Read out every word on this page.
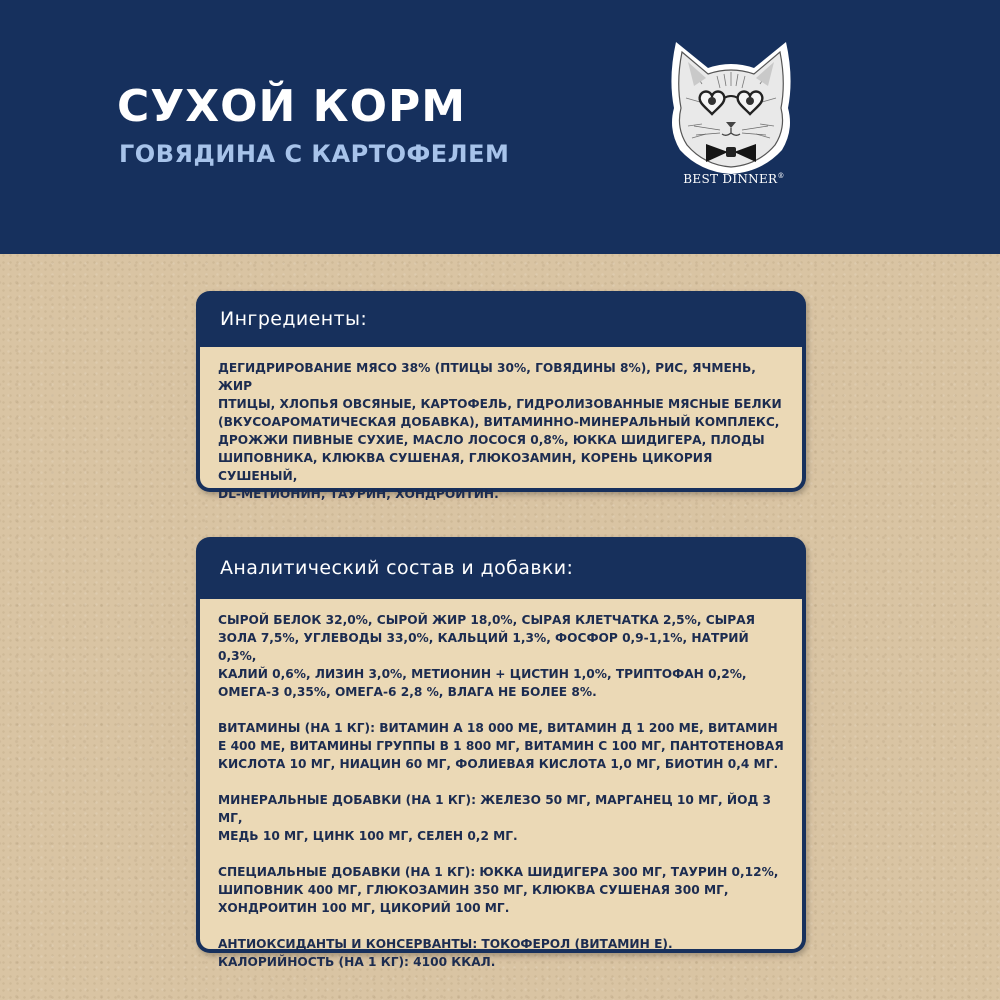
СУХОЙ КОРМ
ГОВЯДИНА С КАРТОФЕЛЕМ
BEST DINNER®
Ингредиенты:

ДЕГИДРИРОВАНИЕ МЯСО 38% (ПТИЦЫ 30%, ГОВЯДИНЫ 8%), РИС, ЯЧМЕНЬ, ЖИР
ПТИЦЫ, ХЛОПЬЯ ОВСЯНЫЕ, КАРТОФЕЛЬ, ГИДРОЛИЗОВАННЫЕ МЯСНЫЕ БЕЛКИ
(ВКУСОАРОМАТИЧЕСКАЯ ДОБАВКА), ВИТАМИННО-МИНЕРАЛЬНЫЙ КОМПЛЕКС,
ДРОЖЖИ ПИВНЫЕ СУХИЕ, МАСЛО ЛОСОСЯ 0,8%, ЮККА ШИДИГЕРА, ПЛОДЫ
ШИПОВНИКА, КЛЮКВА СУШЕНАЯ, ГЛЮКОЗАМИН, КОРЕНЬ ЦИКОРИЯ СУШЕНЫЙ,
DL-МЕТИОНИН, ТАУРИН, ХОНДРОИТИН.

Аналитический состав и добавки:

СЫРОЙ БЕЛОК 32,0%, СЫРОЙ ЖИР 18,0%, СЫРАЯ КЛЕТЧАТКА 2,5%, СЫРАЯ
ЗОЛА 7,5%, УГЛЕВОДЫ 33,0%, КАЛЬЦИЙ 1,3%, ФОСФОР 0,9-1,1%, НАТРИЙ 0,3%,
КАЛИЙ 0,6%, ЛИЗИН 3,0%, МЕТИОНИН + ЦИСТИН 1,0%, ТРИПТОФАН 0,2%,
ОМЕГА-3 0,35%, ОМЕГА-6 2,8 %, ВЛАГА НЕ БОЛЕЕ 8%.

ВИТАМИНЫ (НА 1 КГ): ВИТАМИН А 18 000 МЕ, ВИТАМИН Д 1 200 МЕ, ВИТАМИН
Е 400 МЕ, ВИТАМИНЫ ГРУППЫ В 1 800 МГ, ВИТАМИН С 100 МГ, ПАНТОТЕНОВАЯ
КИСЛОТА 10 МГ, НИАЦИН 60 МГ, ФОЛИЕВАЯ КИСЛОТА 1,0 МГ, БИОТИН 0,4 МГ.

МИНЕРАЛЬНЫЕ ДОБАВКИ (НА 1 КГ): ЖЕЛЕЗО 50 МГ, МАРГАНЕЦ 10 МГ, ЙОД 3 МГ,
МЕДЬ 10 МГ, ЦИНК 100 МГ, СЕЛЕН 0,2 МГ.

СПЕЦИАЛЬНЫЕ ДОБАВКИ (НА 1 КГ): ЮККА ШИДИГЕРА 300 МГ, ТАУРИН 0,12%,
ШИПОВНИК 400 МГ, ГЛЮКОЗАМИН 350 МГ, КЛЮКВА СУШЕНАЯ 300 МГ,
ХОНДРОИТИН 100 МГ, ЦИКОРИЙ 100 МГ.

АНТИОКСИДАНТЫ И КОНСЕРВАНТЫ: ТОКОФЕРОЛ (ВИТАМИН Е).

КАЛОРИЙНОСТЬ (НА 1 КГ): 4100 ККАЛ.
